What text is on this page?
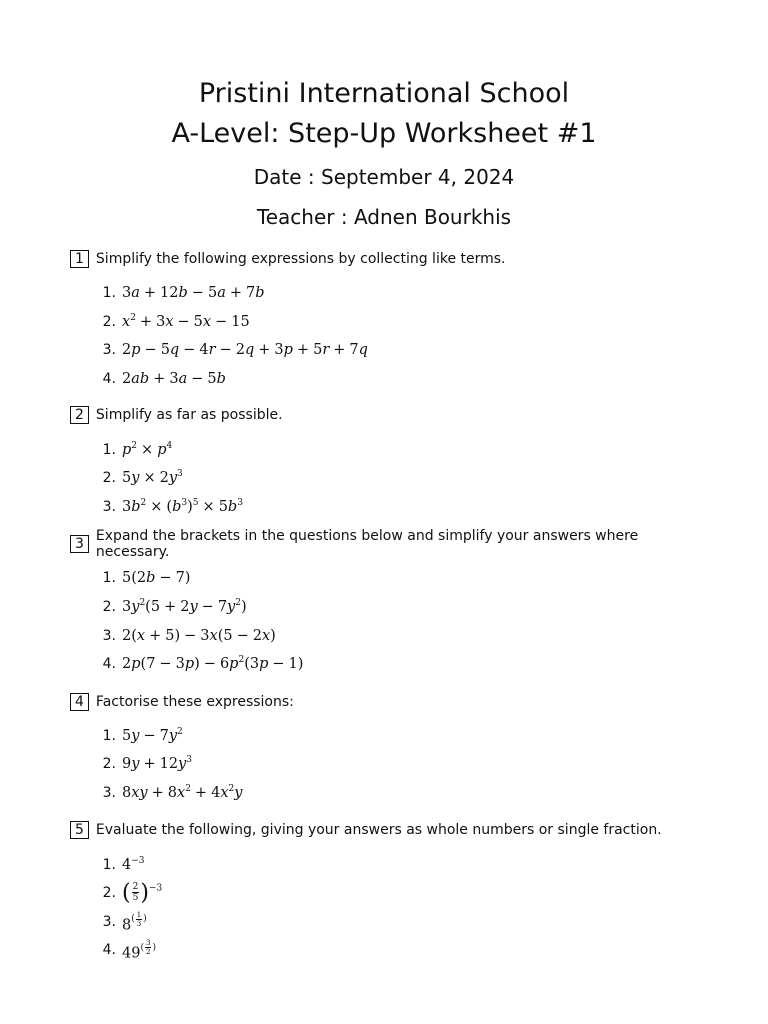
Pristini International School
A-Level: Step-Up Worksheet #1
Date : September 4, 2024
Teacher : Adnen Bourkhis
1 Simplify the following expressions by collecting like terms.
1. 3a + 12b − 5a + 7b
2. $x^2 + 3x - 5x - 15$
3. 2p − 5q − 4r − 2q + 3p + 5r + 7q
4. 2ab + 3a − 5b
2 Simplify as far as possible.
1. $p^2 \times p^4$
2. $5y \times 2y^3$
3. $3b^2 \times (b^3)^5 \times 5b^3$
3 Expand the brackets in the questions below and simplify your answers where necessary.
1. 5(2b − 7)
2. $3y^2(5 + 2y - 7y^2)$
3. 2(x + 5) − 3x(5 − 2x)
4. $2p(7 - 3p) - 6p^2(3p - 1)$
4 Factorise these expressions:
1. $5y - 7y^2$
2. $9y + 12y^3$
3. $8xy + 8x^2 + 4x^2y$
5 Evaluate the following, giving your answers as whole numbers or single fraction.
1. $4^{-3}$
2. ( $\frac{2}{5} )^{-3}$
3. $8( \frac{1}{3}$ )
4. $49( \frac{3}{2}$ )
